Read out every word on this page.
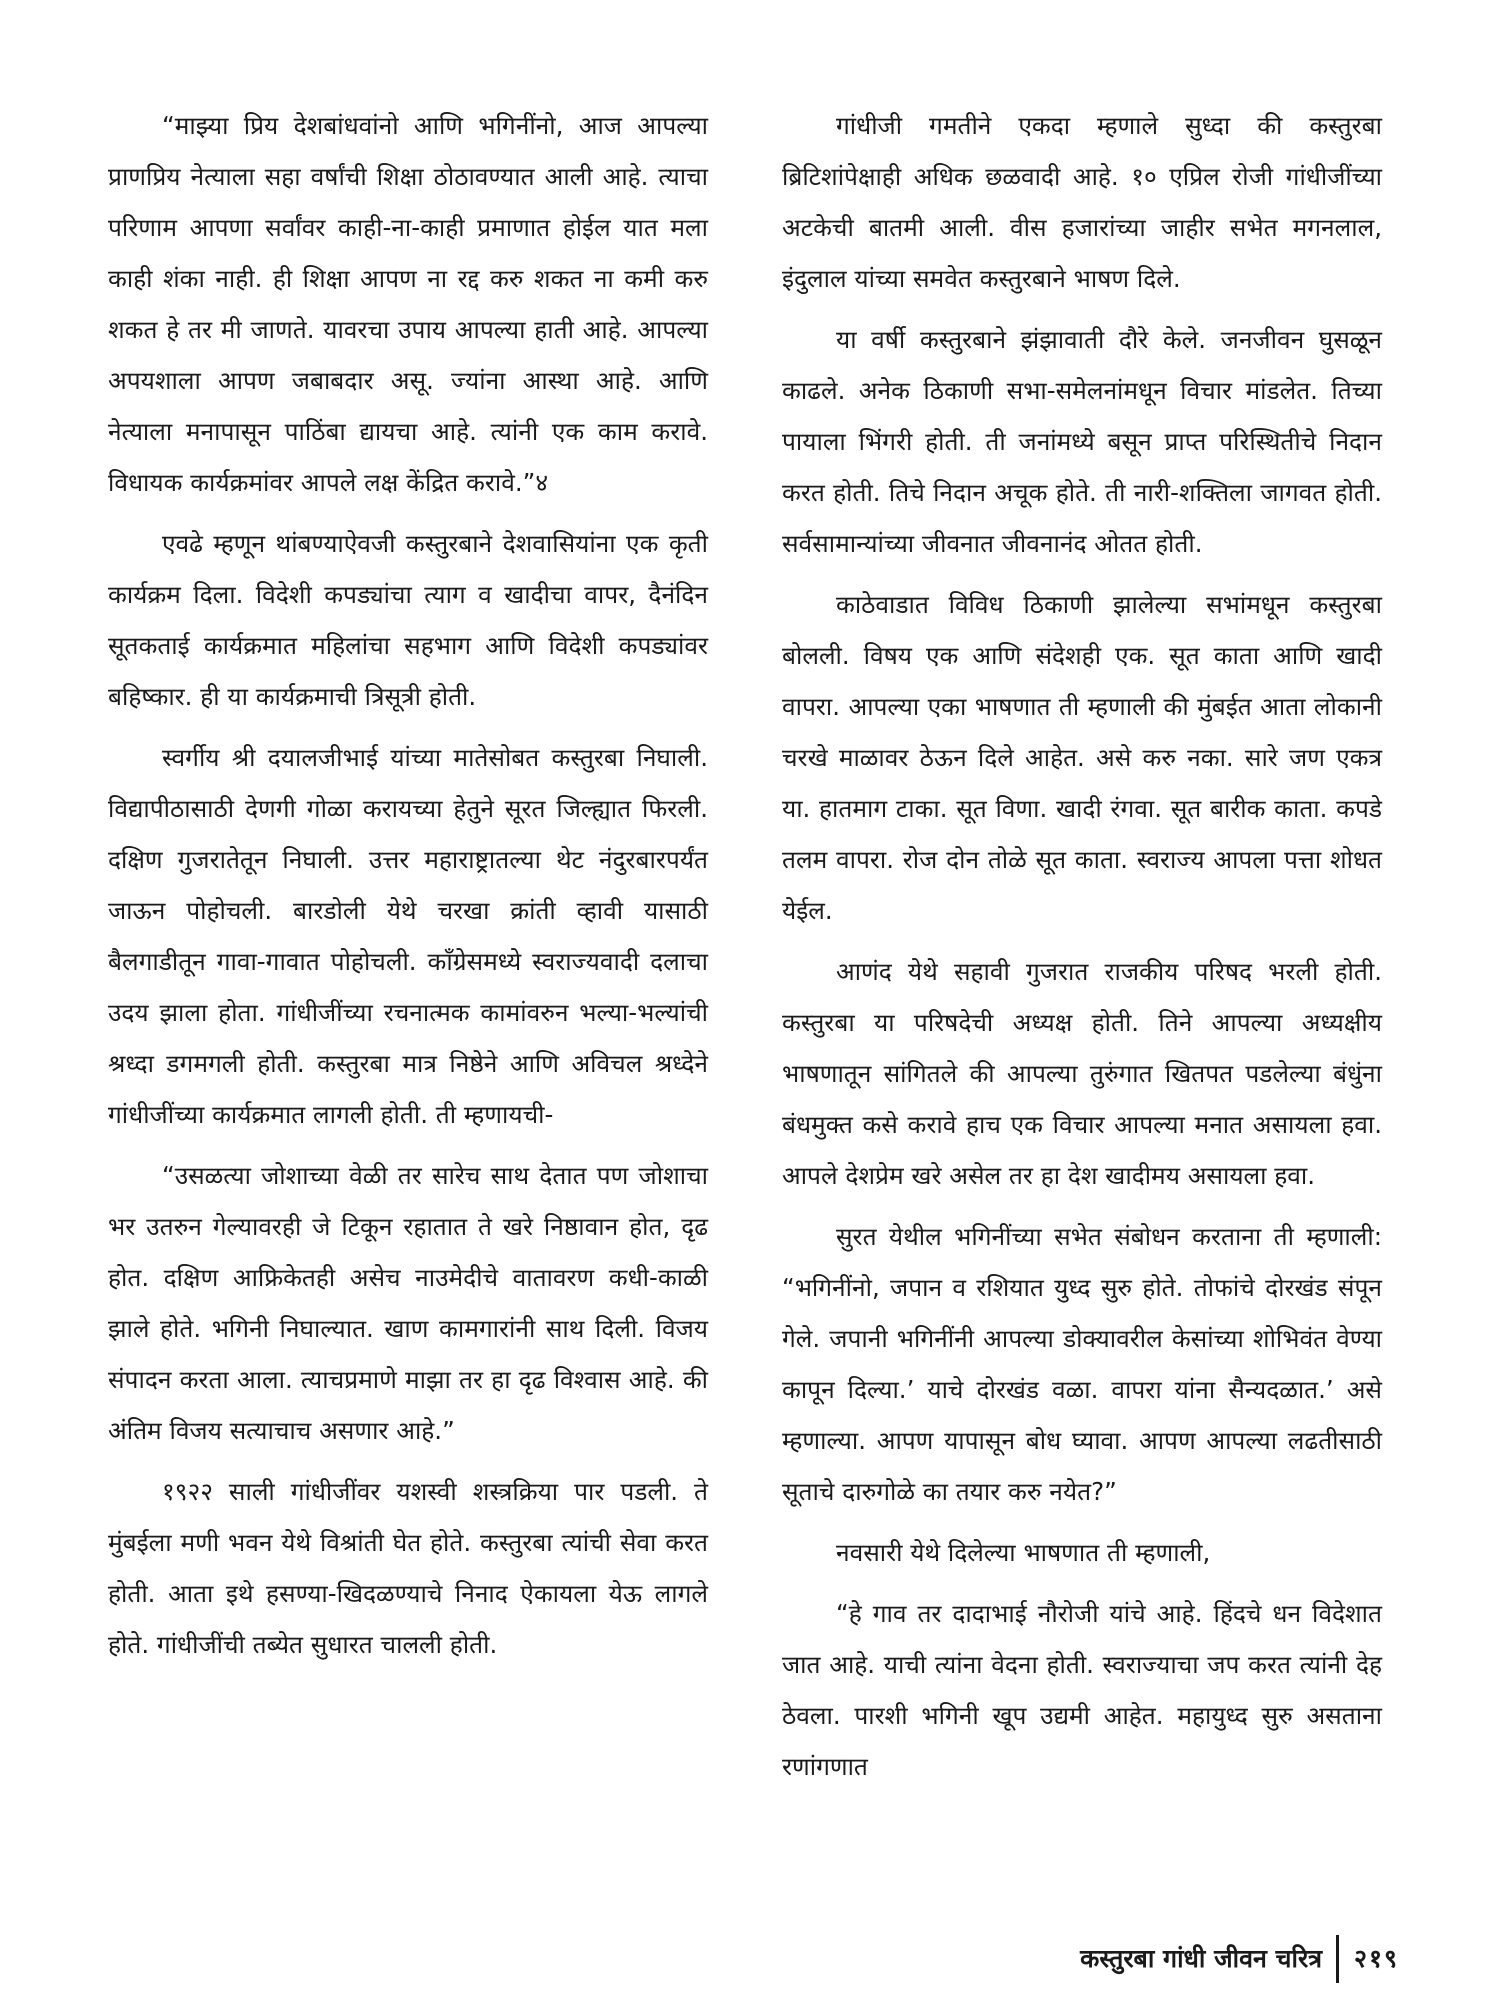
“माझ्या प्रिय देशबांधवांनो आणि भगिनींनो, आज आपल्या प्राणप्रिय नेत्याला सहा वर्षांची शिक्षा ठोठावण्यात आली आहे. त्याचा परिणाम आपणा सर्वांवर काही-ना-काही प्रमाणात होईल यात मला काही शंका नाही. ही शिक्षा आपण ना रद्द करु शकत ना कमी करु शकत हे तर मी जाणते. यावरचा उपाय आपल्या हाती आहे. आपल्या अपयशाला आपण जबाबदार असू. ज्यांना आस्था आहे. आणि नेत्याला मनापासून पाठिंबा द्यायचा आहे. त्यांनी एक काम करावे. विधायक कार्यक्रमांवर आपले लक्ष केंद्रित करावे.”४

एवढे म्हणून थांबण्याऐवजी कस्तुरबाने देशवासियांना एक कृती कार्यक्रम दिला. विदेशी कपड्यांचा त्याग व खादीचा वापर, दैनंदिन सूतकताई कार्यक्रमात महिलांचा सहभाग आणि विदेशी कपड्यांवर बहिष्कार. ही या कार्यक्रमाची त्रिसूत्री होती.

स्वर्गीय श्री दयालजीभाई यांच्या मातेसोबत कस्तुरबा निघाली. विद्यापीठासाठी देणगी गोळा करायच्या हेतुने सूरत जिल्ह्यात फिरली. दक्षिण गुजरातेतून निघाली. उत्तर महाराष्ट्रातल्या थेट नंदुरबारपर्यंत जाऊन पोहोचली. बारडोली येथे चरखा क्रांती व्हावी यासाठी बैलगाडीतून गावा-गावात पोहोचली. कॉंग्रेसमध्ये स्वराज्यवादी दलाचा उदय झाला होता. गांधीजींच्या रचनात्मक कामांवरुन भल्या-भल्यांची श्रध्दा डगमगली होती. कस्तुरबा मात्र निष्ठेने आणि अविचल श्रध्देने गांधीजींच्या कार्यक्रमात लागली होती. ती म्हणायची-

“उसळत्या जोशाच्या वेळी तर सारेच साथ देतात पण जोशाचा भर उतरुन गेल्यावरही जे टिकून रहातात ते खरे निष्ठावान होत, दृढ होत. दक्षिण आफ्रिकेतही असेच नाउमेदीचे वातावरण कधी-काळी झाले होते. भगिनी निघाल्यात. खाण कामगारांनी साथ दिली. विजय संपादन करता आला. त्याचप्रमाणे माझा तर हा दृढ विश्वास आहे. की अंतिम विजय सत्याचाच असणार आहे.”

१९२२ साली गांधीजींवर यशस्वी शस्त्रक्रिया पार पडली. ते मुंबईला मणी भवन येथे विश्रांती घेत होते. कस्तुरबा त्यांची सेवा करत होती. आता इथे हसण्या-खिदळण्याचे निनाद ऐकायला येऊ लागले होते. गांधीजींची तब्येत सुधारत चालली होती.

गांधीजी गमतीने एकदा म्हणाले सुध्दा की कस्तुरबा ब्रिटिशांपेक्षाही अधिक छळवादी आहे. १० एप्रिल रोजी गांधीजींच्या अटकेची बातमी आली. वीस हजारांच्या जाहीर सभेत मगनलाल, इंदुलाल यांच्या समवेत कस्तुरबाने भाषण दिले.

या वर्षी कस्तुरबाने झंझावाती दौरे केले. जनजीवन घुसळून काढले. अनेक ठिकाणी सभा-समेलनांमधून विचार मांडलेत. तिच्या पायाला भिंगरी होती. ती जनांमध्ये बसून प्राप्त परिस्थितीचे निदान करत होती. तिचे निदान अचूक होते. ती नारी-शक्तिला जागवत होती. सर्वसामान्यांच्या जीवनात जीवनानंद ओतत होती.

काठेवाडात विविध ठिकाणी झालेल्या सभांमधून कस्तुरबा बोलली. विषय एक आणि संदेशही एक. सूत काता आणि खादी वापरा. आपल्या एका भाषणात ती म्हणाली की मुंबईत आता लोकानी चरखे माळावर ठेऊन दिले आहेत. असे करु नका. सारे जण एकत्र या. हातमाग टाका. सूत विणा. खादी रंगवा. सूत बारीक काता. कपडे तलम वापरा. रोज दोन तोळे सूत काता. स्वराज्य आपला पत्ता शोधत येईल.

आणंद येथे सहावी गुजरात राजकीय परिषद भरली होती. कस्तुरबा या परिषदेची अध्यक्ष होती. तिने आपल्या अध्यक्षीय भाषणातून सांगितले की आपल्या तुरुंगात खितपत पडलेल्या बंधुंना बंधमुक्त कसे करावे हाच एक विचार आपल्या मनात असायला हवा. आपले देशप्रेम खरे असेल तर हा देश खादीमय असायला हवा.

सुरत येथील भगिनींच्या सभेत संबोधन करताना ती म्हणाली: “भगिनींनो, जपान व रशियात युध्द सुरु होते. तोफांचे दोरखंड संपून गेले. जपानी भगिनींनी आपल्या डोक्यावरील केसांच्या शोभिवंत वेण्या कापून दिल्या.’ याचे दोरखंड वळा. वापरा यांना सैन्यदळात.’ असे म्हणाल्या. आपण यापासून बोध घ्यावा. आपण आपल्या लढतीसाठी सूताचे दारुगोळे का तयार करु नयेत?”

नवसारी येथे दिलेल्या भाषणात ती म्हणाली,

“हे गाव तर दादाभाई नौरोजी यांचे आहे. हिंदचे धन विदेशात जात आहे. याची त्यांना वेदना होती. स्वराज्याचा जप करत त्यांनी देह ठेवला. पारशी भगिनी खूप उद्यमी आहेत. महायुध्द सुरु असताना रणांगणात

कस्तुरबा गांधी जीवन चरित्र २१९
